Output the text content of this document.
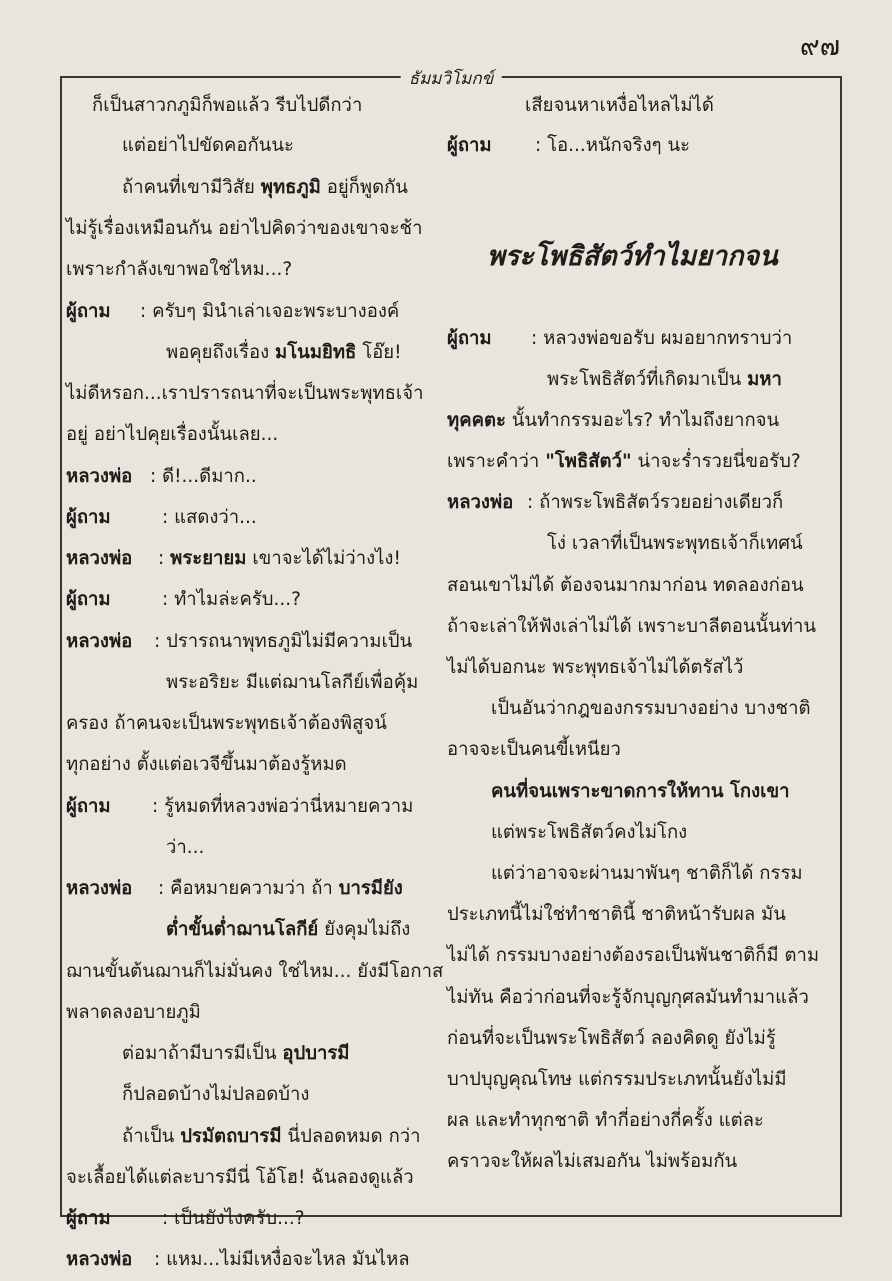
๙๗
ธัมมวิโมกข์
ก็เป็นสาวกภูมิก็พอแล้ว รีบไปดีกว่า
แต่อย่าไปขัดคอกันนะ
ถ้าคนที่เขามีวิสัย พุทธภูมิ อยู่ก็พูดกัน
ไม่รู้เรื่องเหมือนกัน อย่าไปคิดว่าของเขาจะช้า
เพราะกำลังเขาพอใช่ไหม...?
ผู้ถาม : ครับๆ มินำเล่าเจอะพระบางองค์
พอคุยถึงเรื่อง มโนมยิทธิ โอ๊ย!
ไม่ดีหรอก...เราปรารถนาที่จะเป็นพระพุทธเจ้า
อยู่ อย่าไปคุยเรื่องนั้นเลย...
หลวงพ่อ : ดี!...ดีมาก..
ผู้ถาม	: แสดงว่า...
หลวงพ่อ : พระยายม เขาจะได้ไม่ว่างไง!
ผู้ถาม	: ทำไมล่ะครับ...?
หลวงพ่อ : ปรารถนาพุทธภูมิไม่มีความเป็น
พระอริยะ มีแต่ฌานโลกีย์เพื่อคุ้ม
ครอง ถ้าคนจะเป็นพระพุทธเจ้าต้องพิสูจน์
ทุกอย่าง ตั้งแต่อเวจีขึ้นมาต้องรู้หมด
ผู้ถาม : รู้หมดที่หลวงพ่อว่านี่หมายความ
ว่า...
หลวงพ่อ : คือหมายความว่า ถ้า บารมียัง
ต่ำขั้นต่ำฌานโลกีย์ ยังคุมไม่ถึง
ฌานขั้นต้นฌานก็ไม่มั่นคง ใช่ไหม... ยังมีโอกาส
พลาดลงอบายภูมิ
ต่อมาถ้ามีบารมีเป็น อุปบารมี
ก็ปลอดบ้างไม่ปลอดบ้าง
ถ้าเป็น ปรมัตถบารมี นี่ปลอดหมด กว่า
จะเลื้อยได้แต่ละบารมีนี่ โอ้โฮ! ฉันลองดูแล้ว
ผู้ถาม	: เป็นยังไงครับ...?
หลวงพ่อ : แหม...ไม่มีเหงื่อจะไหล มันไหล
เสียจนหาเหงื่อไหลไม่ได้
ผู้ถาม : โอ...หนักจริงๆ นะ
พระโพธิสัตว์ทำไมยากจน
ผู้ถาม : หลวงพ่อขอรับ ผมอยากทราบว่า
พระโพธิสัตว์ที่เกิดมาเป็น มหา
ทุคคตะ นั้นทำกรรมอะไร? ทำไมถึงยากจน
เพราะคำว่า "โพธิสัตว์" น่าจะร่ำรวยนี่ขอรับ?
หลวงพ่อ : ถ้าพระโพธิสัตว์รวยอย่างเดียวก็
โง่ เวลาที่เป็นพระพุทธเจ้าก็เทศน์
สอนเขาไม่ได้ ต้องจนมากมาก่อน ทดลองก่อน
ถ้าจะเล่าให้ฟังเล่าไม่ได้ เพราะบาลีตอนนั้นท่าน
ไม่ได้บอกนะ พระพุทธเจ้าไม่ได้ตรัสไว้
เป็นอันว่ากฎของกรรมบางอย่าง บางชาติ
อาจจะเป็นคนขี้เหนียว
คนที่จนเพราะขาดการให้ทาน โกงเขา
แต่พระโพธิสัตว์คงไม่โกง
แต่ว่าอาจจะผ่านมาพันๆ ชาติก็ได้ กรรม
ประเภทนี้ไม่ใช่ทำชาตินี้ ชาติหน้ารับผล มัน
ไม่ได้ กรรมบางอย่างต้องรอเป็นพันชาติก็มี ตาม
ไม่ทัน คือว่าก่อนที่จะรู้จักบุญกุศลมันทำมาแล้ว
ก่อนที่จะเป็นพระโพธิสัตว์ ลองคิดดู ยังไม่รู้
บาปบุญคุณโทษ แต่กรรมประเภทนั้นยังไม่มี
ผล และทำทุกชาติ ทำกี่อย่างกี่ครั้ง แต่ละ
คราวจะให้ผลไม่เสมอกัน ไม่พร้อมกัน
